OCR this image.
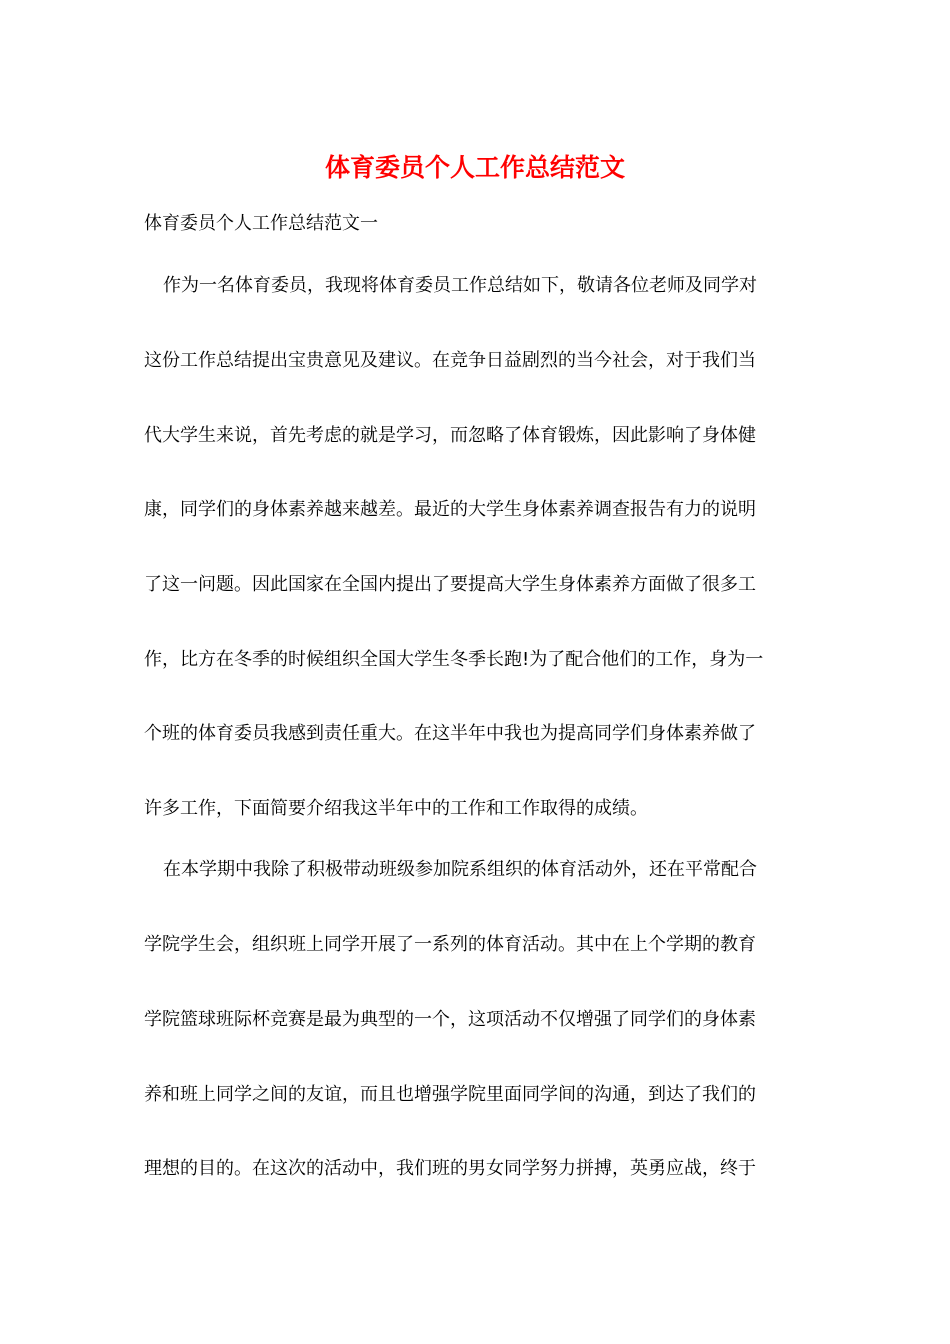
体育委员个人工作总结范文
体育委员个人工作总结范文一
作为一名体育委员，我现将体育委员工作总结如下，敬请各位老师及同学对
这份工作总结提出宝贵意见及建议。在竞争日益剧烈的当今社会，对于我们当
代大学生来说，首先考虑的就是学习，而忽略了体育锻炼，因此影响了身体健
康，同学们的身体素养越来越差。最近的大学生身体素养调查报告有力的说明
了这一问题。因此国家在全国内提出了要提高大学生身体素养方面做了很多工
作，比方在冬季的时候组织全国大学生冬季长跑!为了配合他们的工作，身为一
个班的体育委员我感到责任重大。在这半年中我也为提高同学们身体素养做了
许多工作，下面简要介绍我这半年中的工作和工作取得的成绩。
在本学期中我除了积极带动班级参加院系组织的体育活动外，还在平常配合
学院学生会，组织班上同学开展了一系列的体育活动。其中在上个学期的教育
学院篮球班际杯竞赛是最为典型的一个，这项活动不仅增强了同学们的身体素
养和班上同学之间的友谊，而且也增强学院里面同学间的沟通，到达了我们的
理想的目的。在这次的活动中，我们班的男女同学努力拼搏，英勇应战，终于
